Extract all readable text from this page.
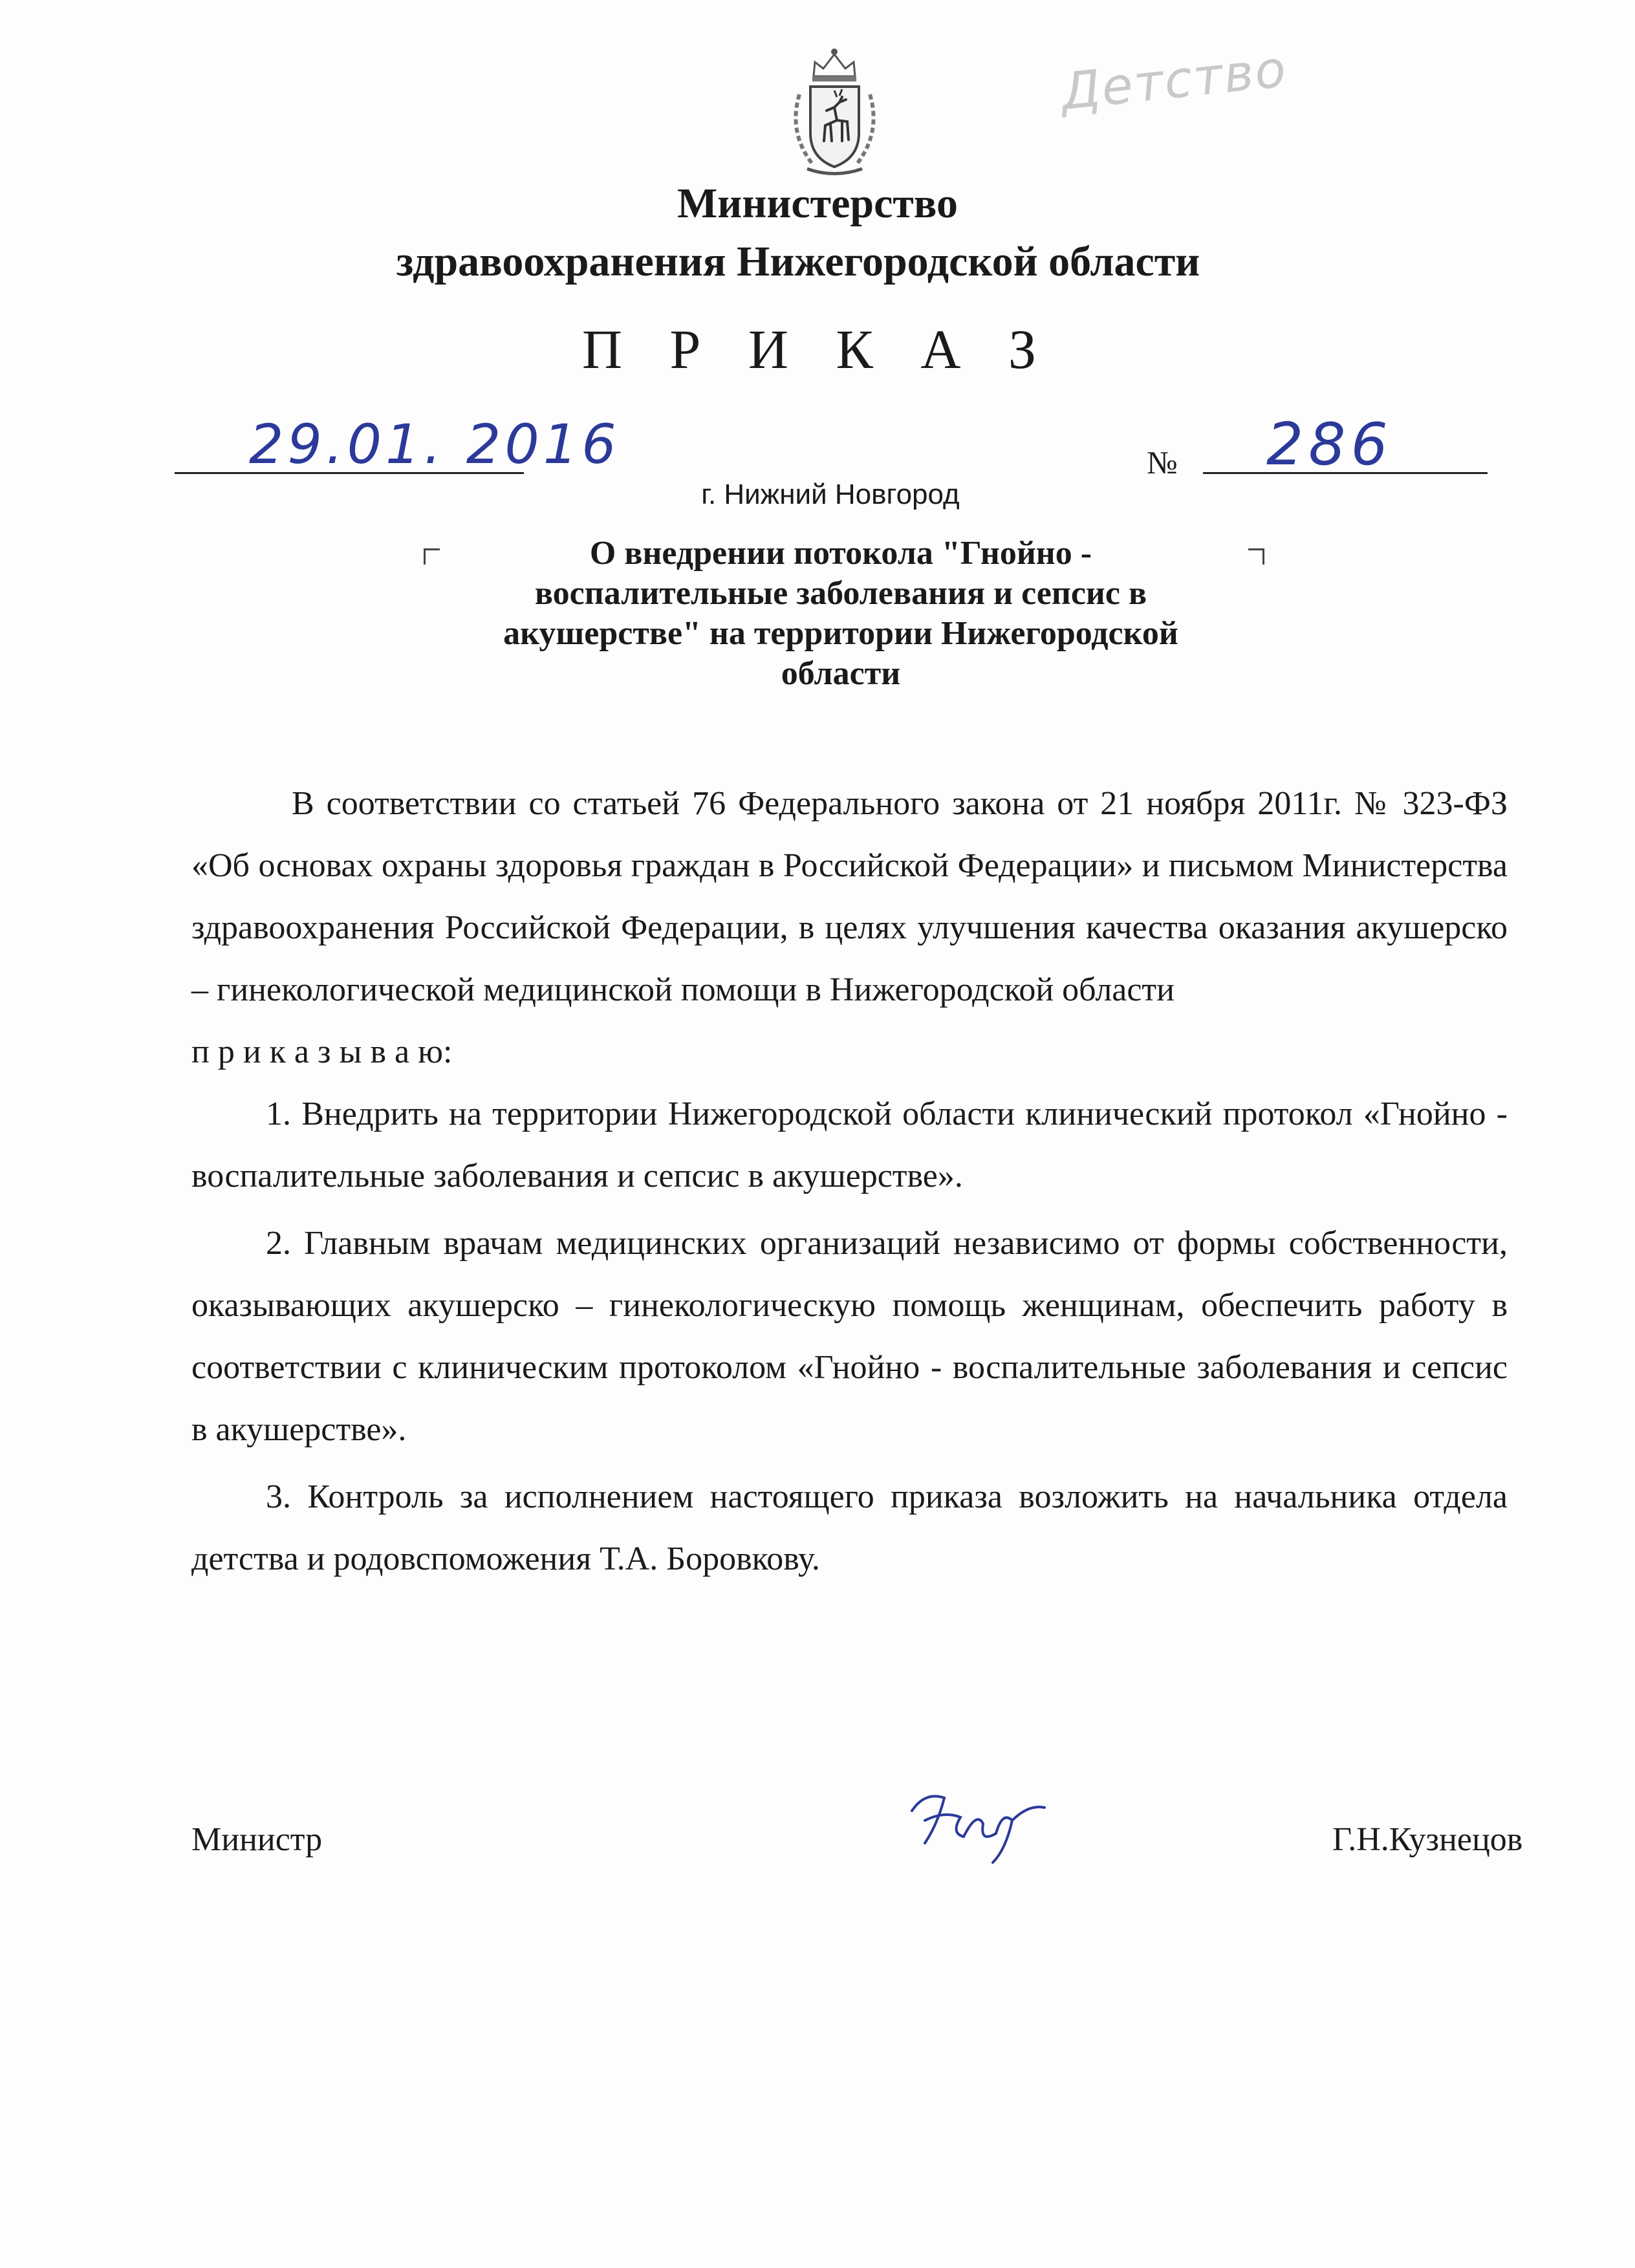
Детство
Министерство
здравоохранения Нижегородской области
П Р И К А З
29.01. 2016	№ 286
г. Нижний Новгород
О внедрении потокола "Гнойно -
воспалительные заболевания и сепсис в
акушерстве" на территории Нижегородской
области

В соответствии со статьей 76 Федерального закона от 21 ноября 2011г. № 323-ФЗ «Об основах охраны здоровья граждан в Российской Федерации» и письмом Министерства здравоохранения Российской Федерации, в целях улучшения качества оказания акушерско – гинекологической медицинской помощи в Нижегородской области

п р и к а з ы в а ю:

1. Внедрить на территории Нижегородской области клинический протокол «Гнойно - воспалительные заболевания и сепсис в акушерстве».

2. Главным врачам медицинских организаций независимо от формы собственности, оказывающих акушерско – гинекологическую помощь женщинам, обеспечить работу в соответствии с клиническим протоколом «Гнойно - воспалительные заболевания и сепсис в акушерстве».

3. Контроль за исполнением настоящего приказа возложить на начальника отдела детства и родовспоможения Т.А. Боровкову.

Министр	Г.Н.Кузнецов
